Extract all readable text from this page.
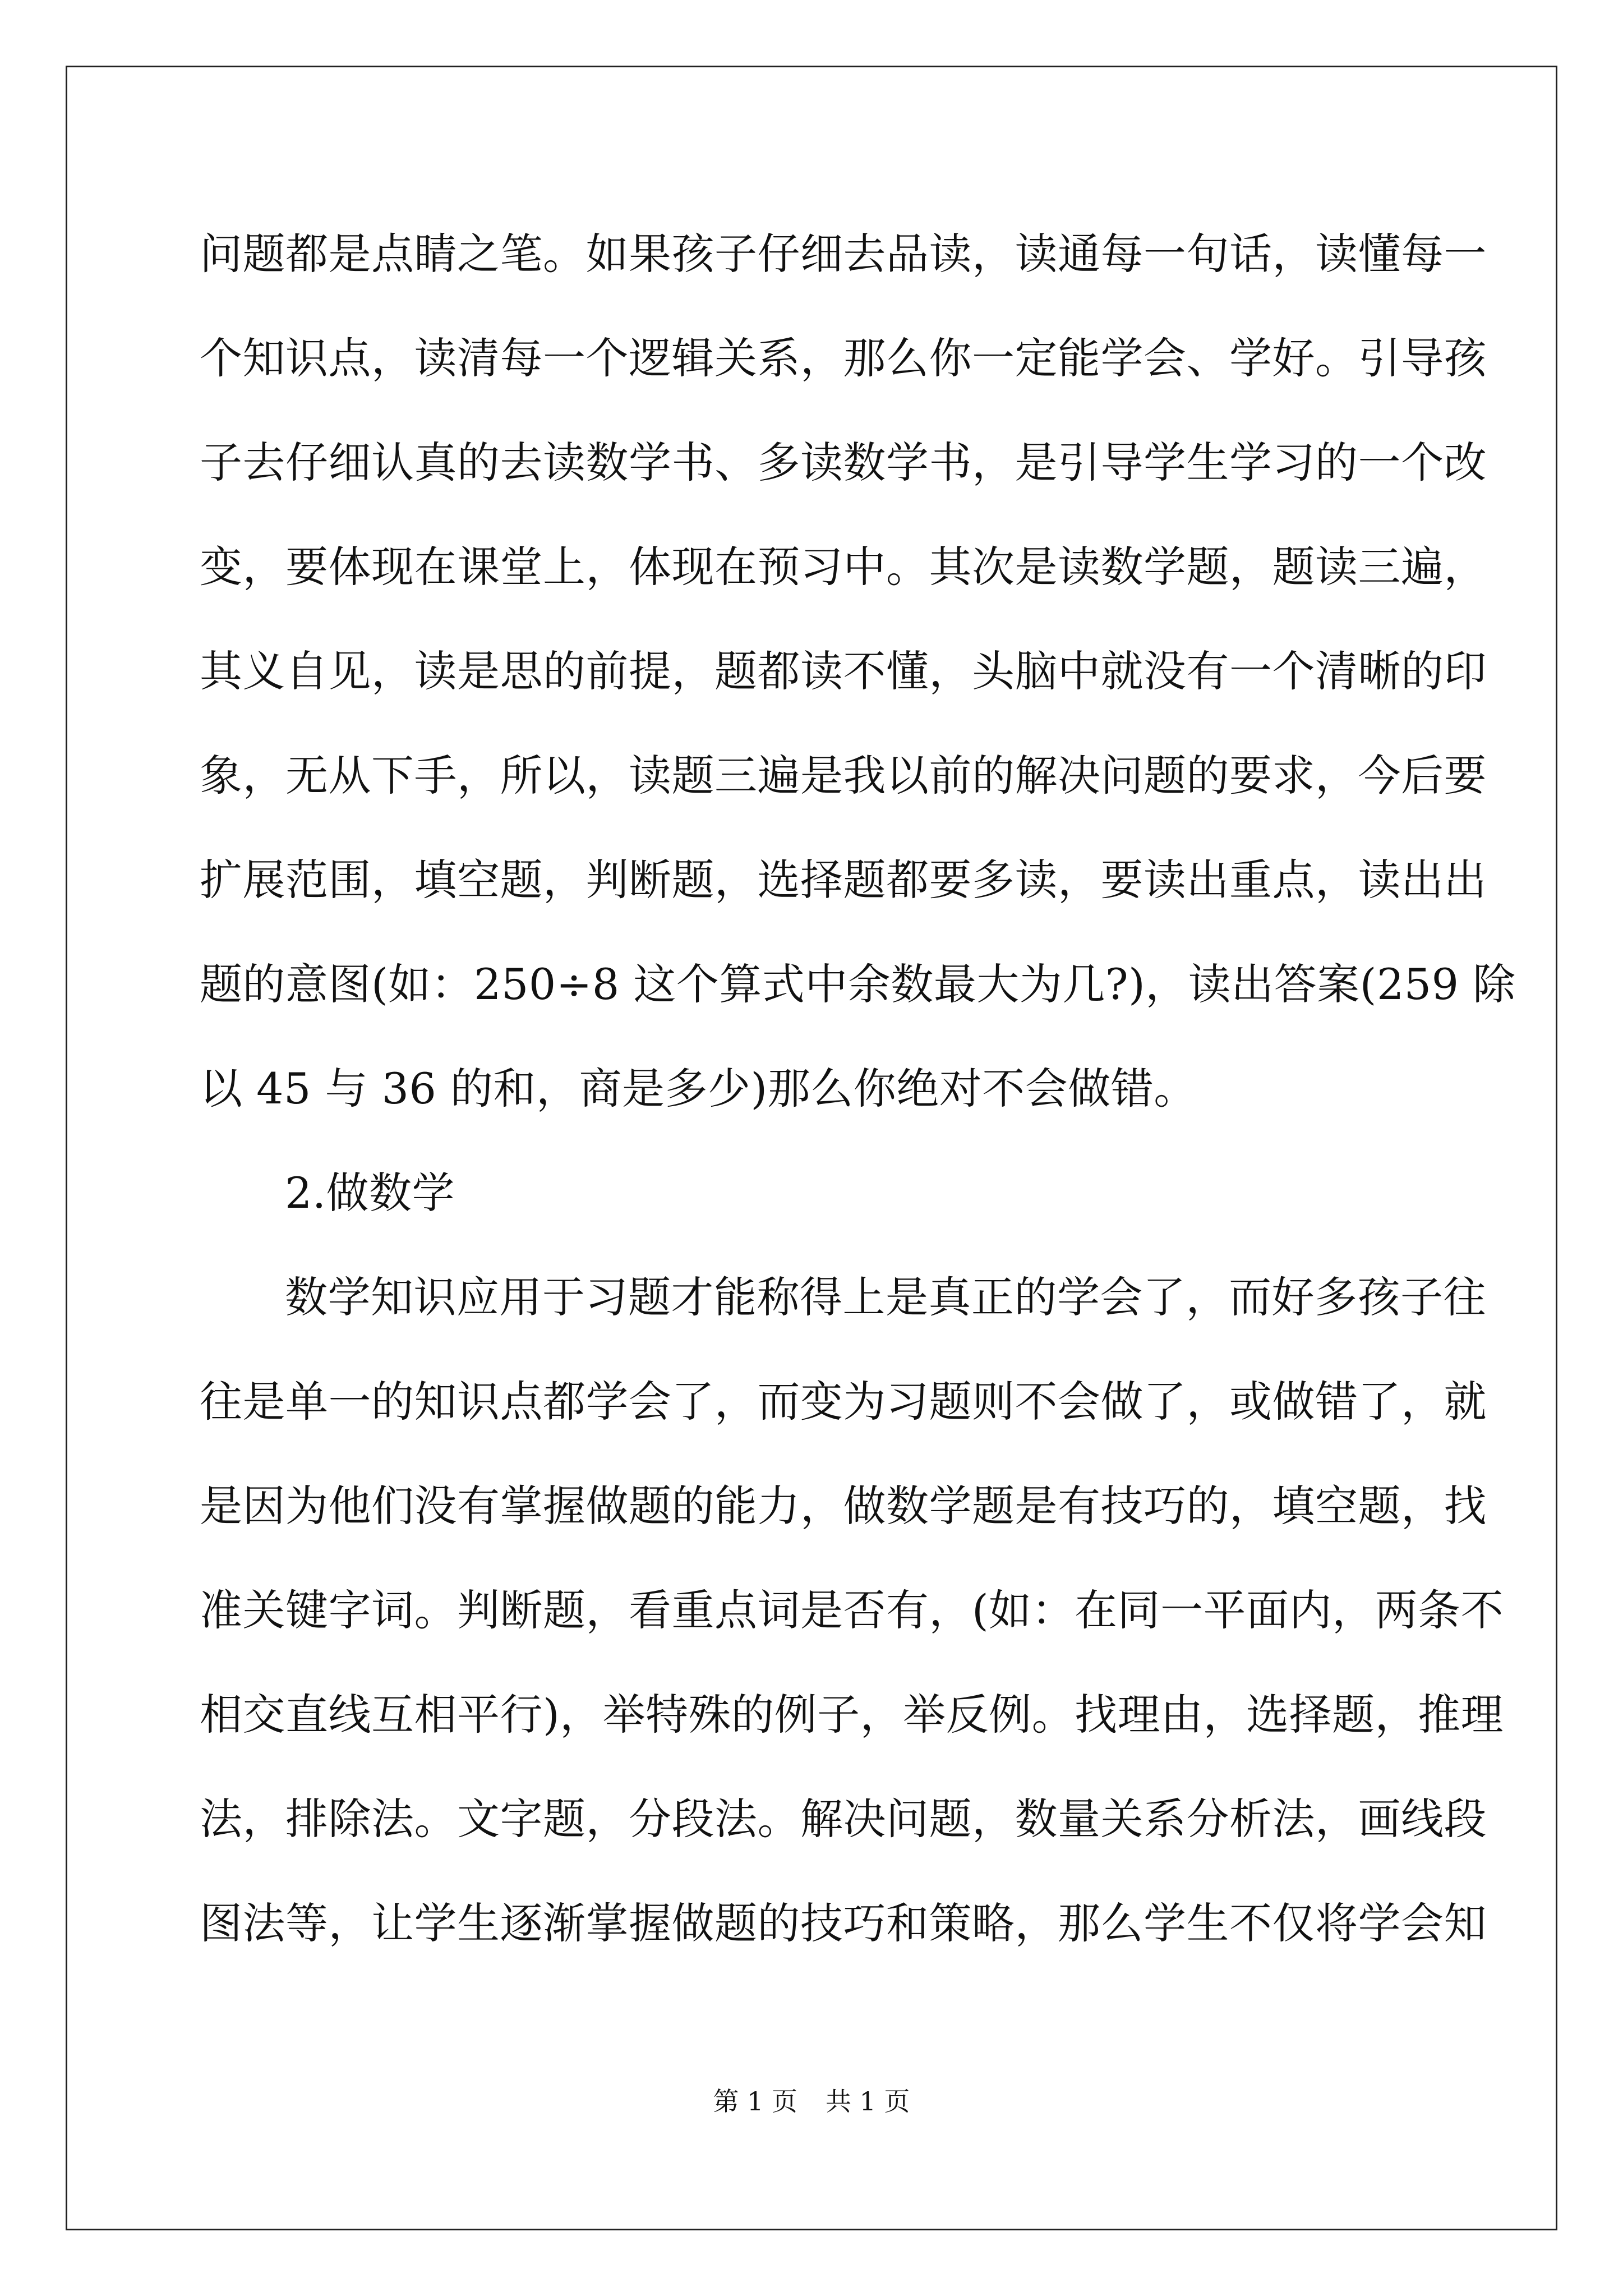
问题都是点睛之笔。如果孩子仔细去品读，读通每一句话，读懂每一
个知识点，读清每一个逻辑关系，那么你一定能学会、学好。引导孩
子去仔细认真的去读数学书、多读数学书，是引导学生学习的一个改
变，要体现在课堂上，体现在预习中。其次是读数学题，题读三遍，
其义自见，读是思的前提，题都读不懂，头脑中就没有一个清晰的印
象，无从下手，所以，读题三遍是我以前的解决问题的要求，今后要
扩展范围，填空题，判断题，选择题都要多读，要读出重点，读出出
题的意图(如：250÷8 这个算式中余数最大为几?)，读出答案(259 除
以 45 与 36 的和，商是多少)那么你绝对不会做错。
2.做数学
数学知识应用于习题才能称得上是真正的学会了，而好多孩子往
往是单一的知识点都学会了，而变为习题则不会做了，或做错了，就
是因为他们没有掌握做题的能力，做数学题是有技巧的，填空题，找
准关键字词。判断题，看重点词是否有，(如：在同一平面内，两条不
相交直线互相平行)，举特殊的例子，举反例。找理由，选择题，推理
法，排除法。文字题，分段法。解决问题，数量关系分析法，画线段
图法等，让学生逐渐掌握做题的技巧和策略，那么学生不仅将学会知
第 1 页 共 1 页
